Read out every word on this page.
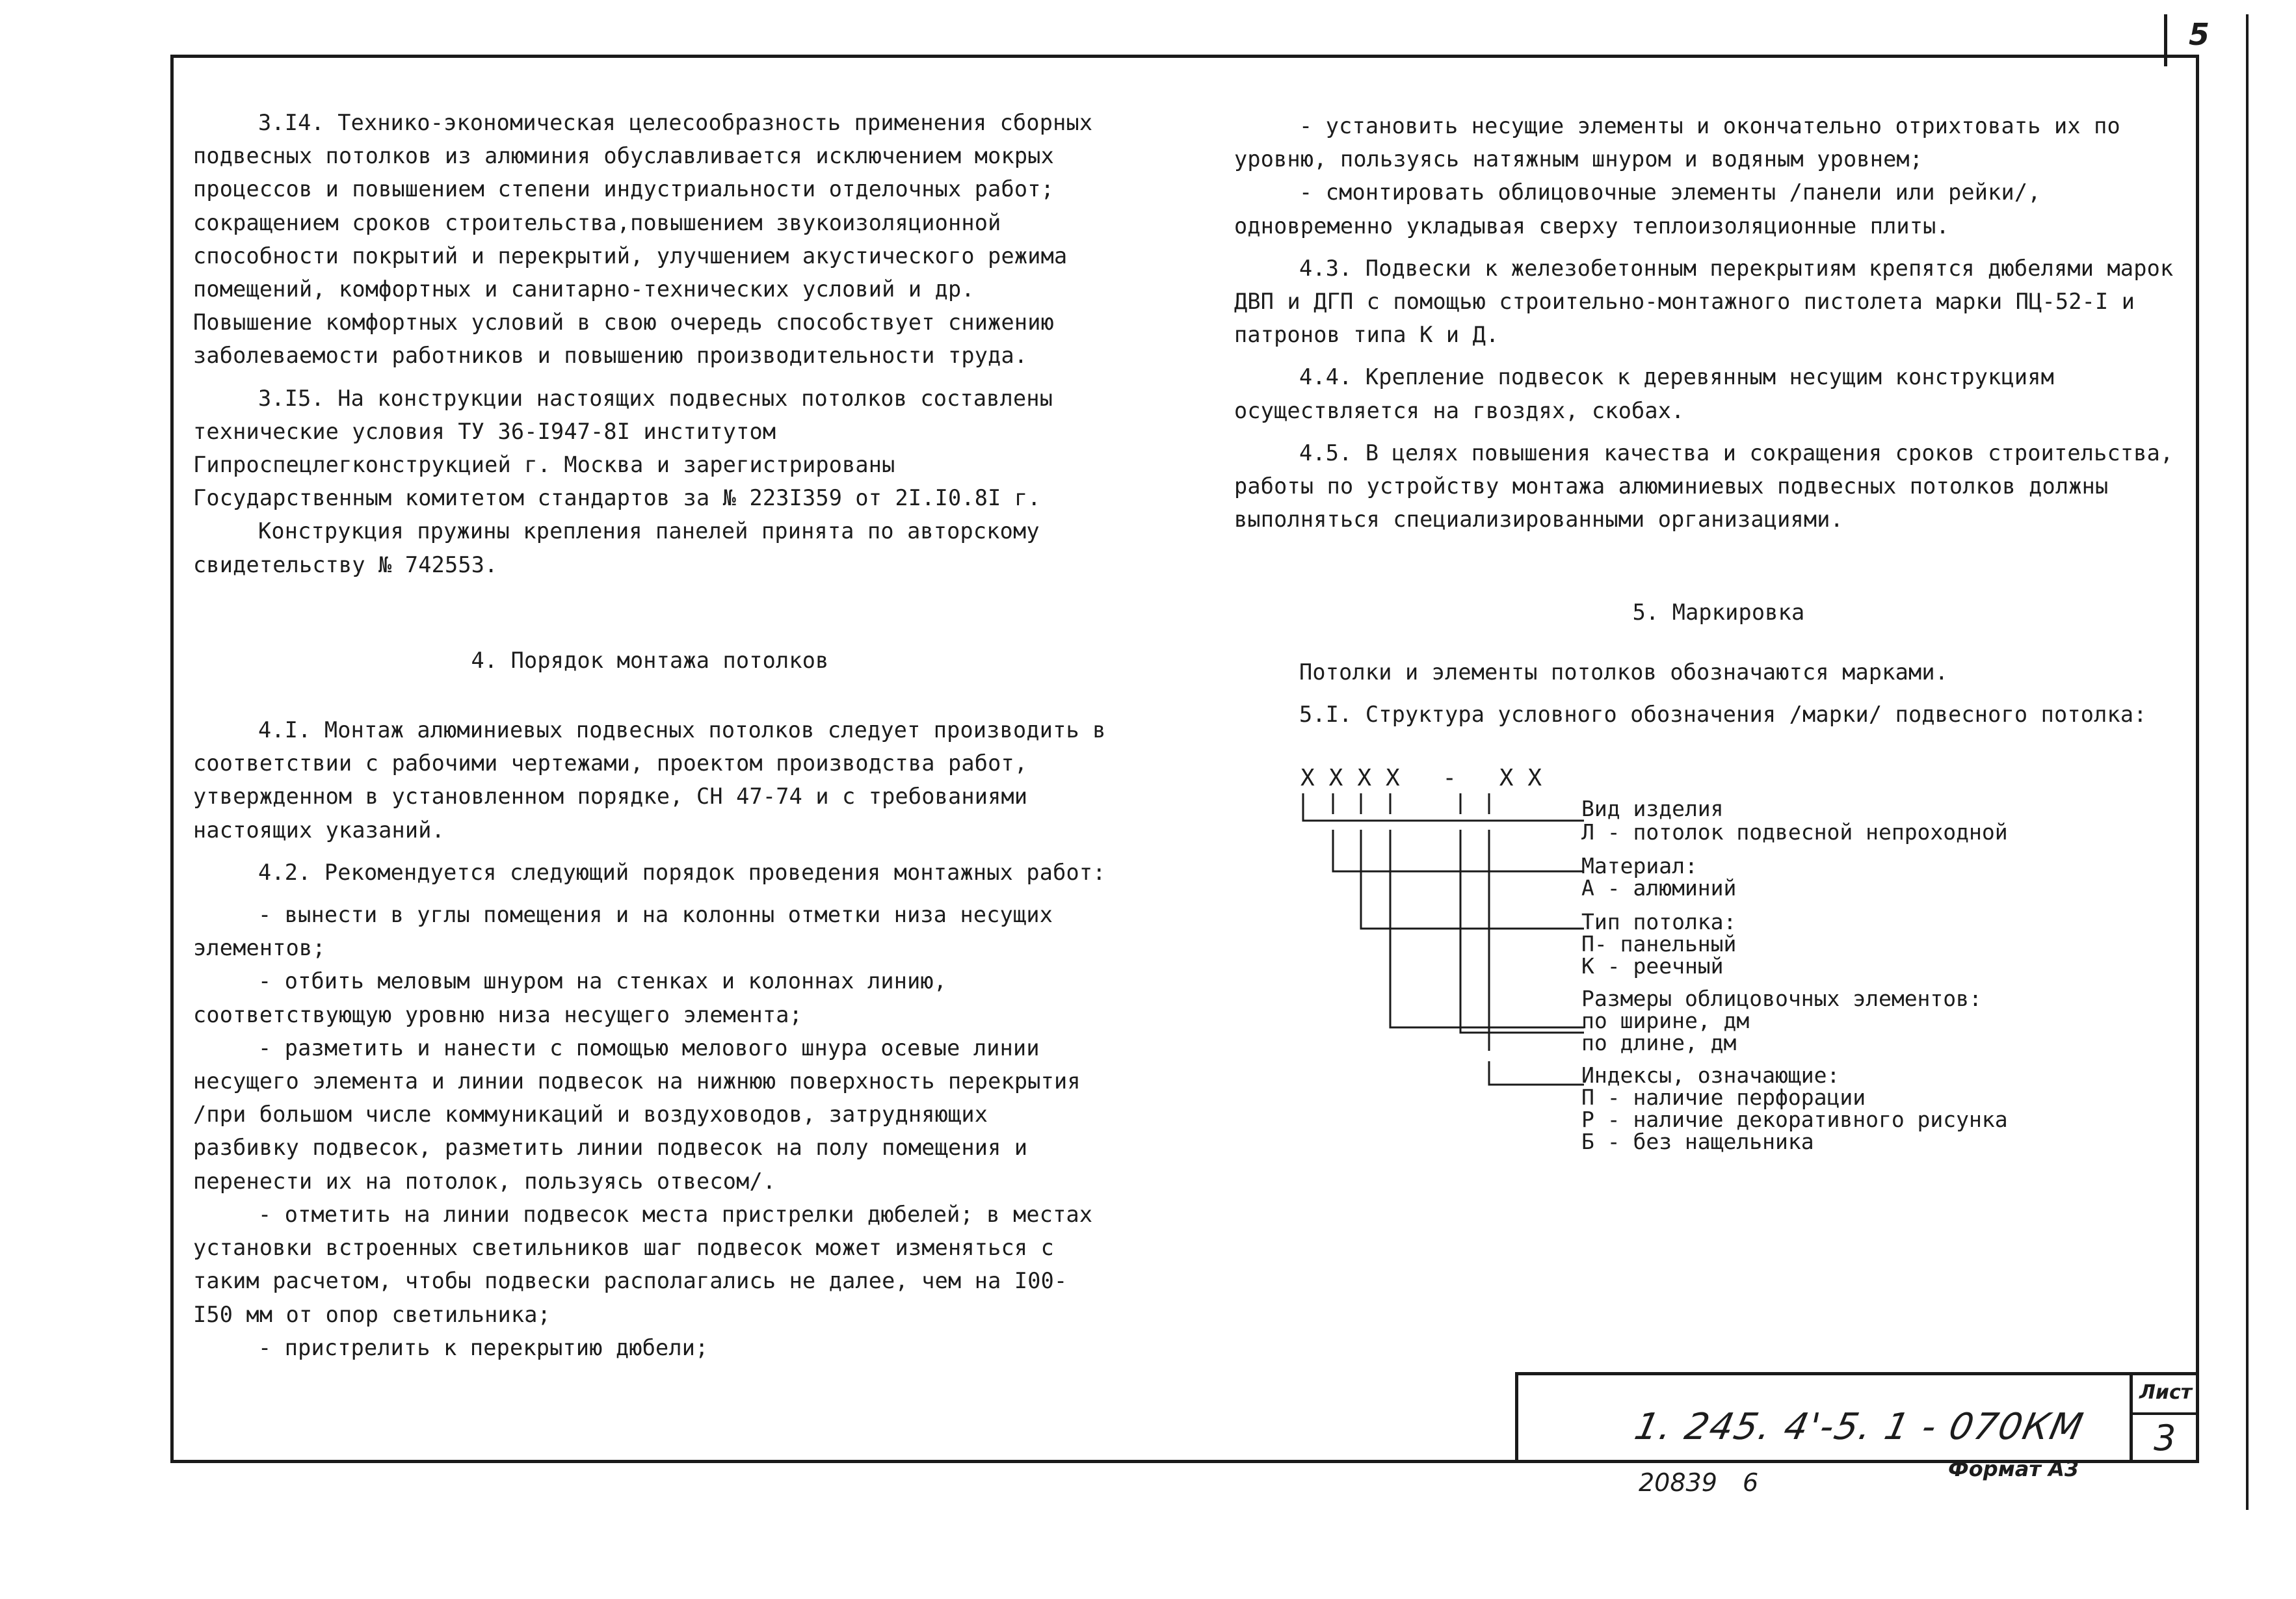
5

3.I4. Технико-экономическая целесообразность применения сборных подвесных потолков из алюминия обуславливается исключением мокрых процессов и повышением степени индустриальности отделочных работ; сокращением сроков строительства,повышением звукоизоляционной способности покрытий и перекрытий, улучшением акустического режима помещений, комфортных и санитарно-технических условий и др. Повышение комфортных условий в свою очередь способствует снижению заболеваемости работников и повышению производительности труда.

3.I5. На конструкции настоящих подвесных потолков составлены технические условия ТУ 36-I947-8I институтом Гипроспецлегконструкцией г. Москва и зарегистрированы Государственным комитетом стандартов за № 223I359 от 2I.I0.8I г.

Конструкция пружины крепления панелей принята по авторскому свидетельству № 742553.

4. Порядок монтажа потолков

4.I. Монтаж алюминиевых подвесных потолков следует производить в соответствии с рабочими чертежами, проектом производства работ, утвержденном в установленном порядке, СН 47-74 и с требованиями настоящих указаний.

4.2. Рекомендуется следующий порядок проведения монтажных работ:

- вынести в углы помещения и на колонны отметки низа несущих элементов;

- отбить меловым шнуром на стенках и колоннах линию, соответствующую уровню низа несущего элемента;

- разметить и нанести с помощью мелового шнура осевые линии несущего элемента и линии подвесок на нижнюю поверхность перекрытия /при большом числе коммуникаций и воздуховодов, затрудняющих разбивку подвесок, разметить линии подвесок на полу помещения и перенести их на потолок, пользуясь отвесом/.

- отметить на линии подвесок места пристрелки дюбелей; в местах установки встроенных светильников шаг подвесок может изменяться с таким расчетом, чтобы подвески располагались не далее, чем на I00-I50 мм от опор светильника;

- пристрелить к перекрытию дюбели;

- установить несущие элементы и окончательно отрихтовать их по уровню, пользуясь натяжным шнуром и водяным уровнем;

- смонтировать облицовочные элементы /панели или рейки/, одновременно укладывая сверху теплоизоляционные плиты.

4.3. Подвески к железобетонным перекрытиям крепятся дюбелями марок ДВП и ДГП с помощью строительно-монтажного пистолета марки ПЦ-52-I и патронов типа К и Д.

4.4. Крепление подвесок к деревянным несущим конструкциям осуществляется на гвоздях, скобах.

4.5. В целях повышения качества и сокращения сроков строительства, работы по устройству монтажа алюминиевых подвесных потолков должны выполняться специализированными организациями.

5. Маркировка

Потолки и элементы потолков обозначаются марками.

5.I. Структура условного обозначения /марки/ подвесного потолка:

ХХХХ - ХХ
Вид изделия
Л - потолок подвесной непроходной
Материал:
А - алюминий
Тип потолка:
П- панельный
К - реечный
Размеры облицовочных элементов:
по ширине, дм
по длине, дм
Индексы, означающие:
П - наличие перфорации
Р - наличие декоративного рисунка
Б - без нащельника
1. 245. 4'-5. 1 - 070КМ
Лист
3
20839 6	Формат А3
